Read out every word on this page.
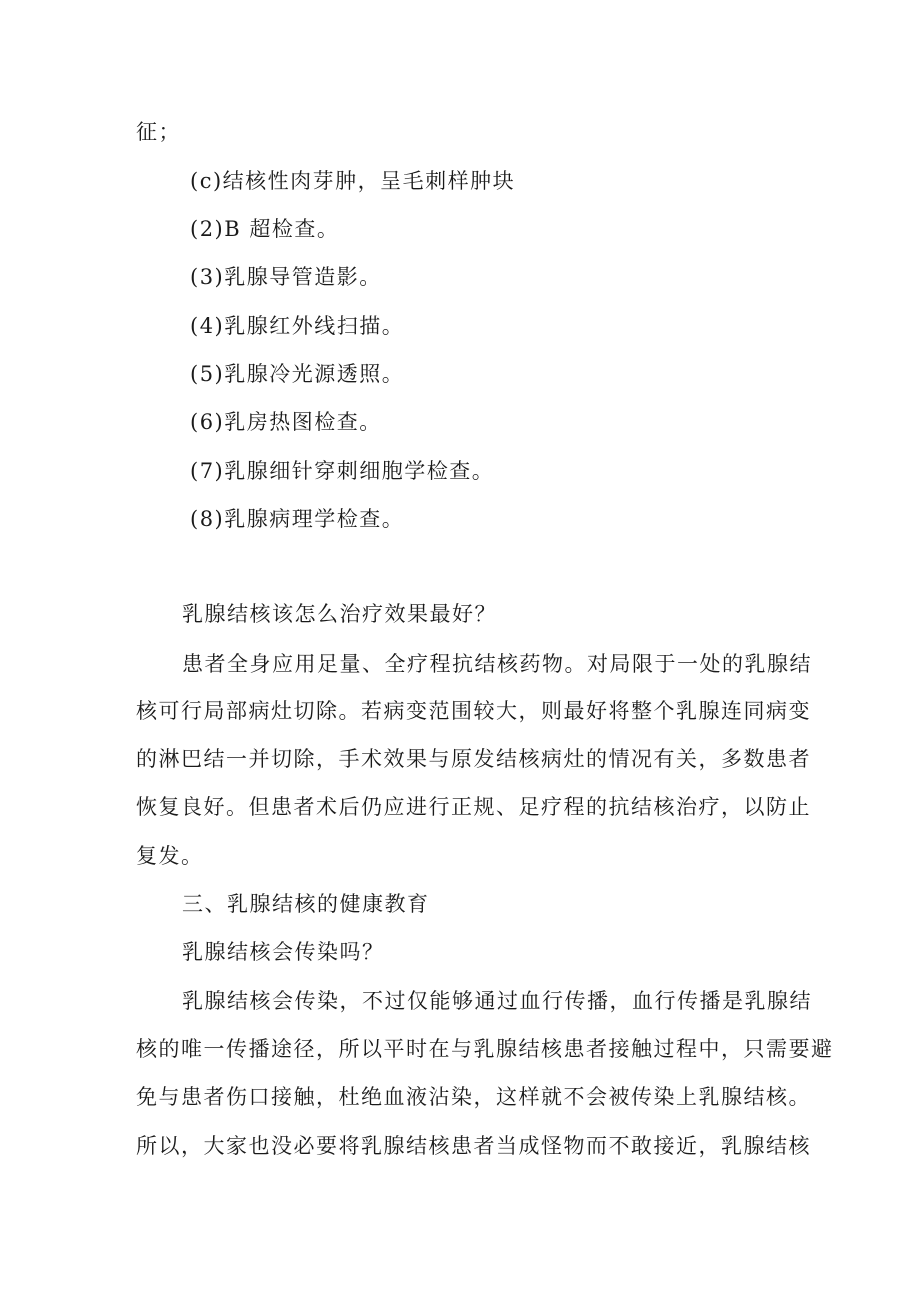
征；
(c)结核性肉芽肿，呈毛刺样肿块
(2)B 超检查。
(3)乳腺导管造影。
(4)乳腺红外线扫描。
(5)乳腺冷光源透照。
(6)乳房热图检查。
(7)乳腺细针穿刺细胞学检查。
(8)乳腺病理学检查。
乳腺结核该怎么治疗效果最好？
患者全身应用足量、全疗程抗结核药物。对局限于一处的乳腺结
核可行局部病灶切除。若病变范围较大，则最好将整个乳腺连同病变
的淋巴结一并切除，手术效果与原发结核病灶的情况有关，多数患者
恢复良好。但患者术后仍应进行正规、足疗程的抗结核治疗，以防止
复发。
三、乳腺结核的健康教育
乳腺结核会传染吗？
乳腺结核会传染，不过仅能够通过血行传播，血行传播是乳腺结
核的唯一传播途径，所以平时在与乳腺结核患者接触过程中，只需要避
免与患者伤口接触，杜绝血液沾染，这样就不会被传染上乳腺结核。
所以，大家也没必要将乳腺结核患者当成怪物而不敢接近，乳腺结核
